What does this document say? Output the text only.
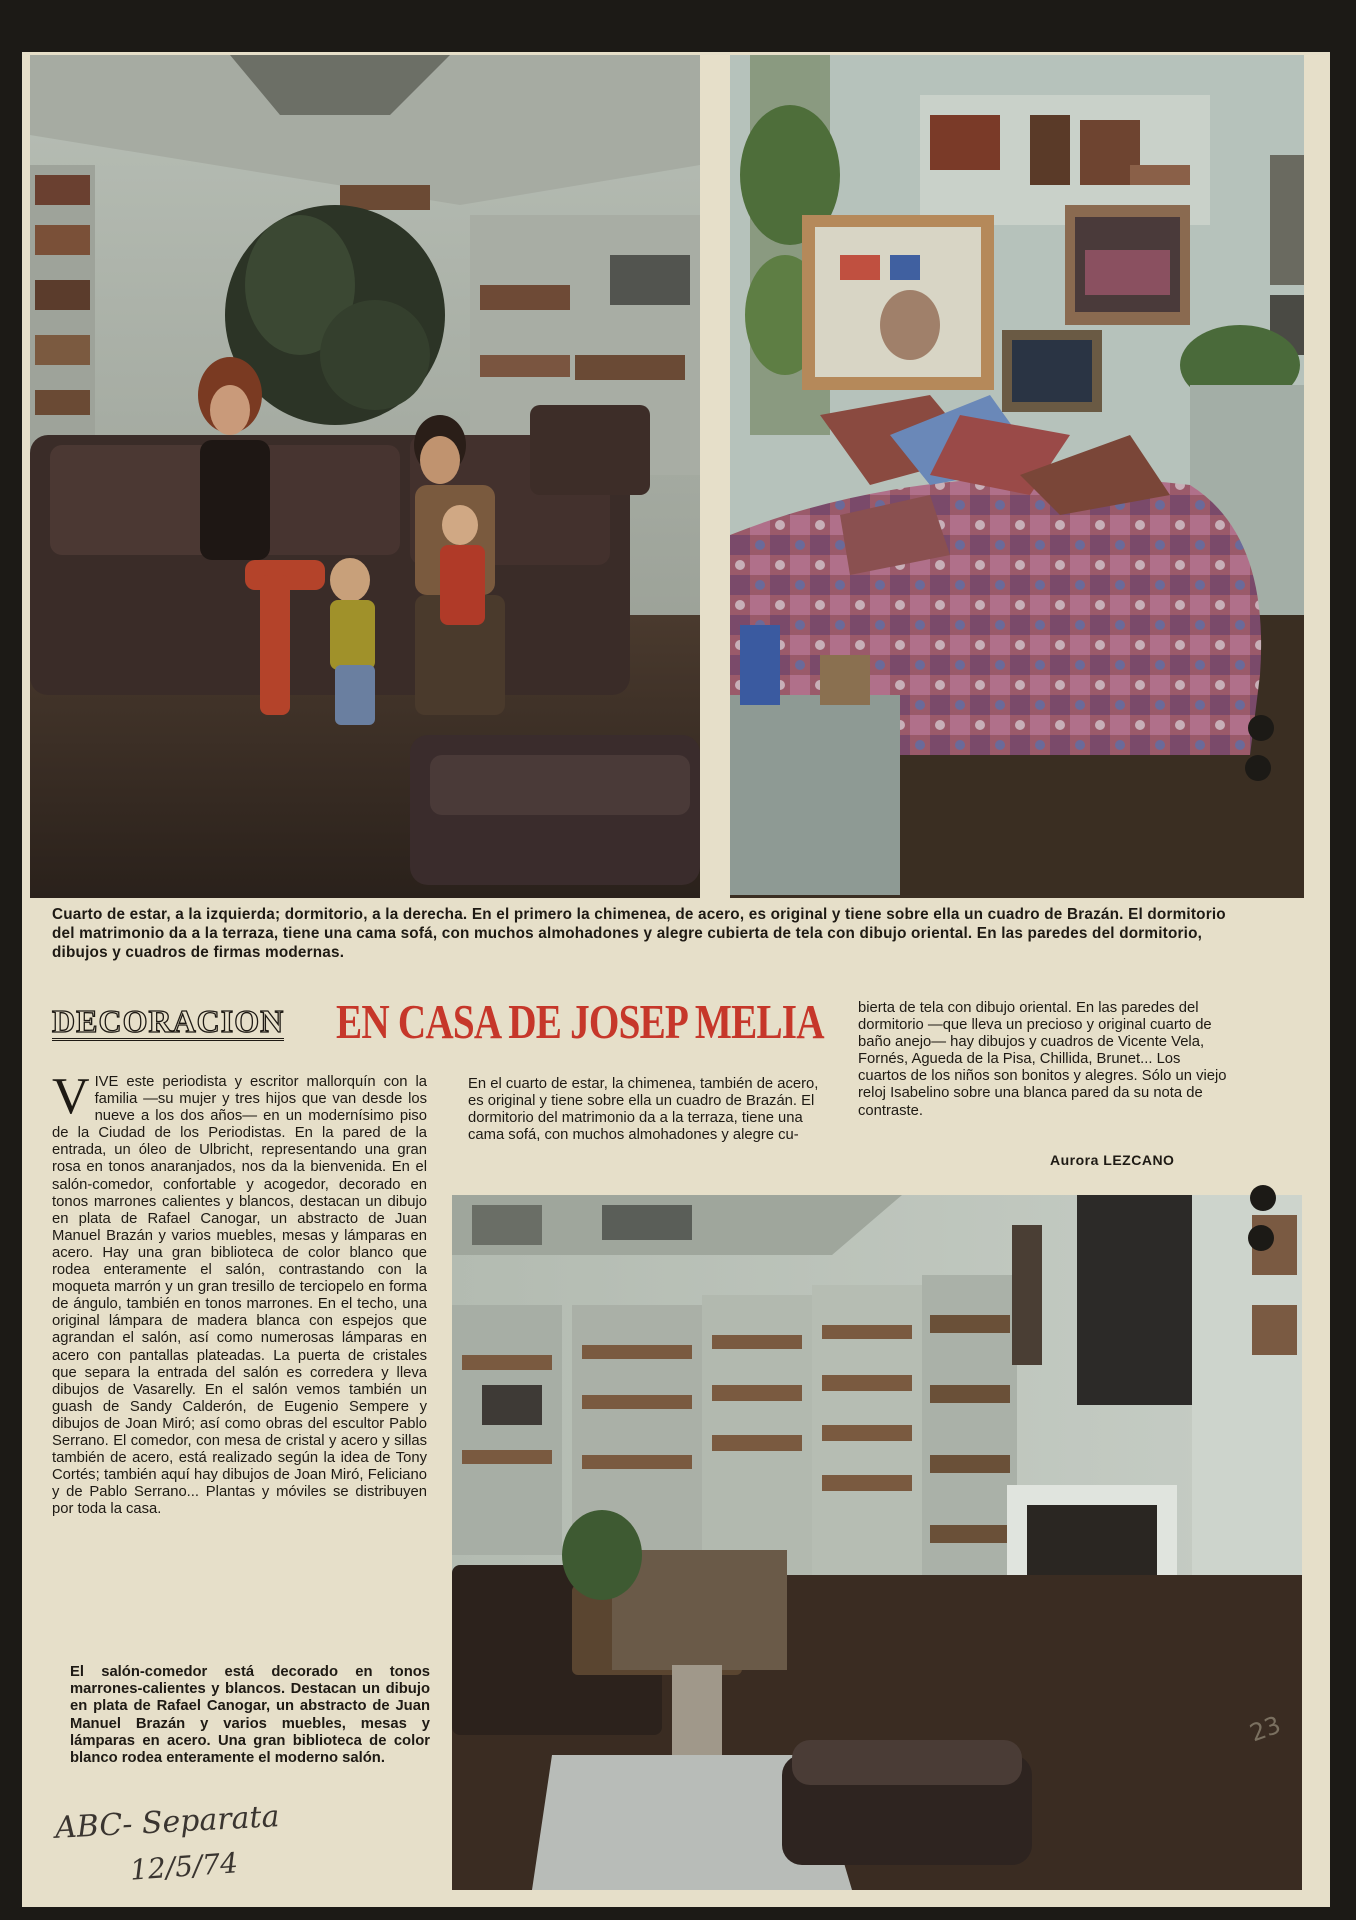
Cuarto de estar, a la izquierda; dormitorio, a la derecha. En el primero la chimenea, de acero, es original y tiene sobre ella un cuadro de Brazán. El dormitorio del matrimonio da a la terraza, tiene una cama sofá, con muchos almohadones y alegre cubierta de tela con dibujo oriental. En las paredes del dormitorio, dibujos y cuadros de firmas modernas.

DECORACION EN CASA DE JOSEP MELIA

VIVE este periodista y escritor mallorquín con la familia —su mujer y tres hijos que van desde los nueve a los dos años— en un modernísimo piso de la Ciudad de los Periodistas. En la pared de la entrada, un óleo de Ulbricht, representando una gran rosa en tonos anaranjados, nos da la bienvenida. En el salón-comedor, confortable y acogedor, decorado en tonos marrones calientes y blancos, destacan un dibujo en plata de Rafael Canogar, un abstracto de Juan Manuel Brazán y varios muebles, mesas y lámparas en acero. Hay una gran biblioteca de color blanco que rodea enteramente el salón, contrastando con la moqueta marrón y un gran tresillo de terciopelo en forma de ángulo, también en tonos marrones. En el techo, una original lámpara de madera blanca con espejos que agrandan el salón, así como numerosas lámparas en acero con pantallas plateadas. La puerta de cristales que separa la entrada del salón es corredera y lleva dibujos de Vasarelly. En el salón vemos también un guash de Sandy Calderón, de Eugenio Sempere y dibujos de Joan Miró; así como obras del escultor Pablo Serrano. El comedor, con mesa de cristal y acero y sillas también de acero, está realizado según la idea de Tony Cortés; también aquí hay dibujos de Joan Miró, Feliciano y de Pablo Serrano... Plantas y móviles se distribuyen por toda la casa.

En el cuarto de estar, la chimenea, también de acero, es original y tiene sobre ella un cuadro de Brazán. El dormitorio del matrimonio da a la terraza, tiene una cama sofá, con muchos almohadones y alegre cu-

bierta de tela con dibujo oriental. En las paredes del dormitorio —que lleva un precioso y original cuarto de baño anejo— hay dibujos y cuadros de Vicente Vela, Fornés, Agueda de la Pisa, Chillida, Brunet... Los cuartos de los niños son bonitos y alegres. Sólo un viejo reloj Isabelino sobre una blanca pared da su nota de contraste.

Aurora LEZCANO

El salón-comedor está decorado en tonos marrones-calientes y blancos. Destacan un dibujo en plata de Rafael Canogar, un abstracto de Juan Manuel Brazán y varios muebles, mesas y lámparas en acero. Una gran biblioteca de color blanco rodea enteramente el moderno salón.

ABC- Separata
12/5/74
23
